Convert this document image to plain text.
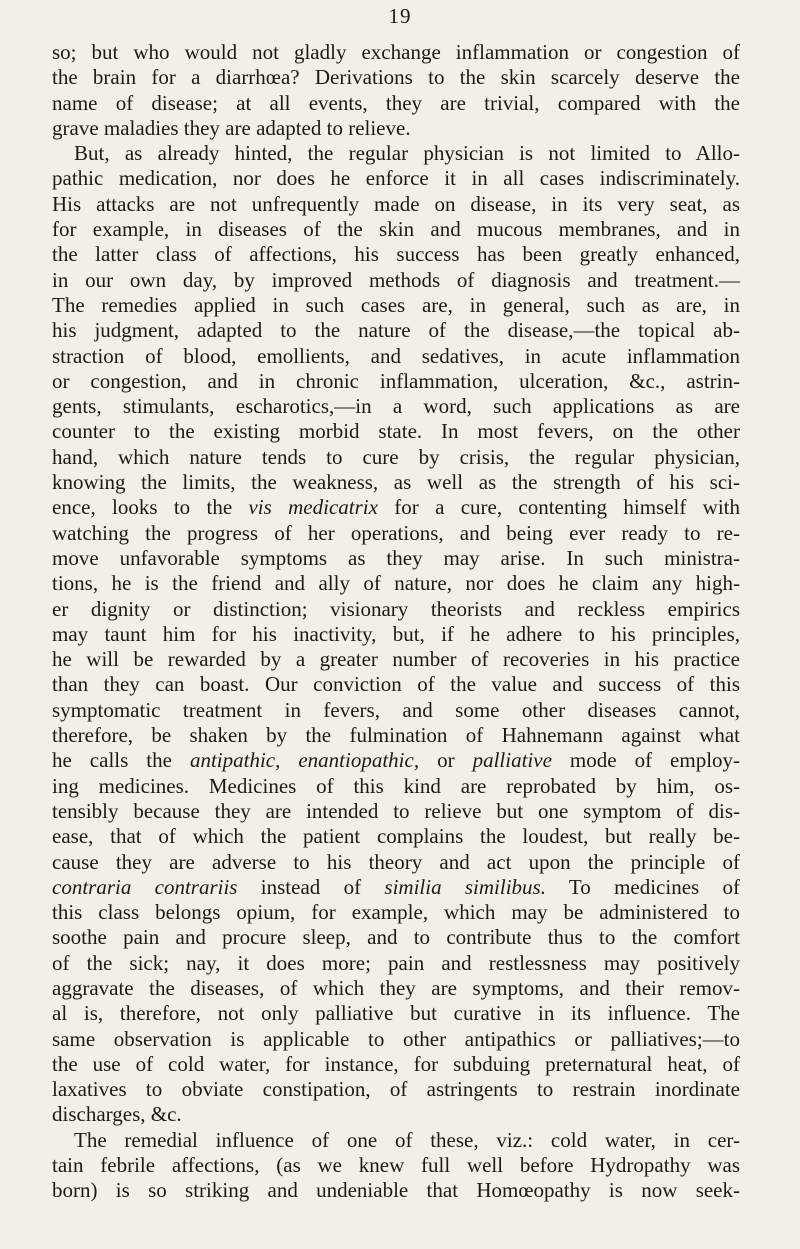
19
so; but who would not gladly exchange inflammation or congestion of
the brain for a diarrhœa? Derivations to the skin scarcely deserve the
name of disease; at all events, they are trivial, compared with the
grave maladies they are adapted to relieve.
But, as already hinted, the regular physician is not limited to Allo-
pathic medication, nor does he enforce it in all cases indiscriminately.
His attacks are not unfrequently made on disease, in its very seat, as
for example, in diseases of the skin and mucous membranes, and in
the latter class of affections, his success has been greatly enhanced,
in our own day, by improved methods of diagnosis and treatment.—
The remedies applied in such cases are, in general, such as are, in
his judgment, adapted to the nature of the disease,—the topical ab-
straction of blood, emollients, and sedatives, in acute inflammation
or congestion, and in chronic inflammation, ulceration, &c., astrin-
gents, stimulants, escharotics,—in a word, such applications as are
counter to the existing morbid state. In most fevers, on the other
hand, which nature tends to cure by crisis, the regular physician,
knowing the limits, the weakness, as well as the strength of his sci-
ence, looks to the vis medicatrix for a cure, contenting himself with
watching the progress of her operations, and being ever ready to re-
move unfavorable symptoms as they may arise. In such ministra-
tions, he is the friend and ally of nature, nor does he claim any high-
er dignity or distinction; visionary theorists and reckless empirics
may taunt him for his inactivity, but, if he adhere to his principles,
he will be rewarded by a greater number of recoveries in his practice
than they can boast. Our conviction of the value and success of this
symptomatic treatment in fevers, and some other diseases cannot,
therefore, be shaken by the fulmination of Hahnemann against what
he calls the antipathic, enantiopathic, or palliative mode of employ-
ing medicines. Medicines of this kind are reprobated by him, os-
tensibly because they are intended to relieve but one symptom of dis-
ease, that of which the patient complains the loudest, but really be-
cause they are adverse to his theory and act upon the principle of
contraria contrariis instead of similia similibus. To medicines of
this class belongs opium, for example, which may be administered to
soothe pain and procure sleep, and to contribute thus to the comfort
of the sick; nay, it does more; pain and restlessness may positively
aggravate the diseases, of which they are symptoms, and their remov-
al is, therefore, not only palliative but curative in its influence. The
same observation is applicable to other antipathics or palliatives;—to
the use of cold water, for instance, for subduing preternatural heat, of
laxatives to obviate constipation, of astringents to restrain inordinate
discharges, &c.
The remedial influence of one of these, viz.: cold water, in cer-
tain febrile affections, (as we knew full well before Hydropathy was
born) is so striking and undeniable that Homœopathy is now seek-
